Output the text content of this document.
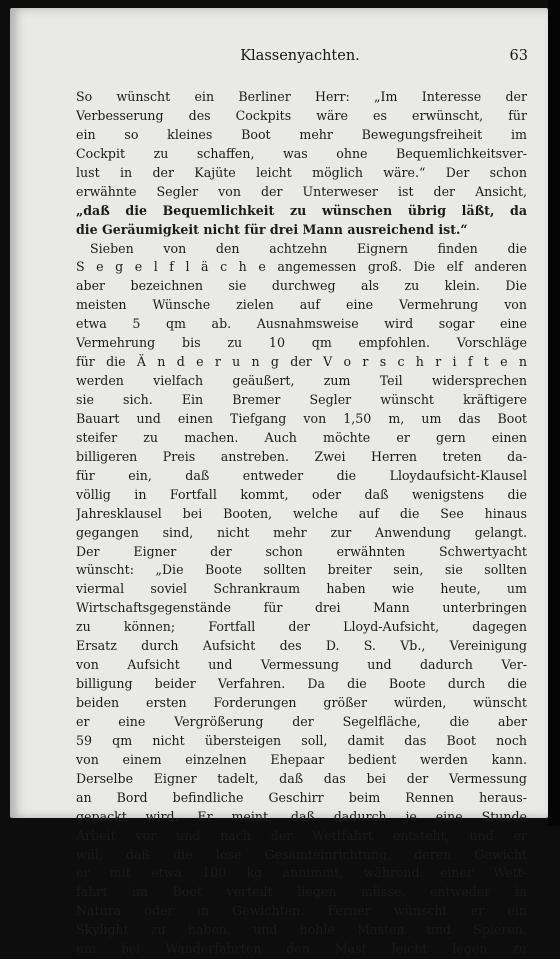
Klassenyachten.	63
So wünscht ein Berliner Herr: „Im Interesse der
Verbesserung des Cockpits wäre es erwünscht, für
ein so kleines Boot mehr Bewegungsfreiheit im
Cockpit zu schaffen, was ohne Bequemlichkeitsver-
lust in der Kajüte leicht möglich wäre.“ Der schon
erwähnte Segler von der Unterweser ist der Ansicht,
„daß die Bequemlichkeit zu wünschen übrig läßt, da
die Geräumigkeit nicht für drei Mann ausreichend ist.“
Sieben von den achtzehn Eignern finden die
S e g e l f l ä c h e angemessen groß. Die elf anderen
aber bezeichnen sie durchweg als zu klein. Die
meisten Wünsche zielen auf eine Vermehrung von
etwa 5 qm ab. Ausnahmsweise wird sogar eine
Vermehrung bis zu 10 qm empfohlen. Vorschläge
für die Ä n d e r u n g der V o r s c h r i f t e n
werden vielfach geäußert, zum Teil widersprechen
sie sich. Ein Bremer Segler wünscht kräftigere
Bauart und einen Tiefgang von 1,50 m, um das Boot
steifer zu machen. Auch möchte er gern einen
billigeren Preis anstreben. Zwei Herren treten da-
für ein, daß entweder die Lloydaufsicht-Klausel
völlig in Fortfall kommt, oder daß wenigstens die
Jahresklausel bei Booten, welche auf die See hinaus
gegangen sind, nicht mehr zur Anwendung gelangt.
Der Eigner der schon erwähnten Schwertyacht
wünscht: „Die Boote sollten breiter sein, sie sollten
viermal soviel Schrankraum haben wie heute, um
Wirtschaftsgegenstände für drei Mann unterbringen
zu können; Fortfall der Lloyd-Aufsicht, dagegen
Ersatz durch Aufsicht des D. S. Vb., Vereinigung
von Aufsicht und Vermessung und dadurch Ver-
billigung beider Verfahren. Da die Boote durch die
beiden ersten Forderungen größer würden, wünscht
er eine Vergrößerung der Segelfläche, die aber
59 qm nicht übersteigen soll, damit das Boot noch
von einem einzelnen Ehepaar bedient werden kann.
Derselbe Eigner tadelt, daß das bei der Vermessung
an Bord befindliche Geschirr beim Rennen heraus-
gepackt wird. Er meint, daß dadurch je eine Stunde
Arbeit vor und nach der Wettfahrt entsteht, und er
will, daß die lose Gesamteinrichtung, deren Gewicht
er mit etwa 100 kg annimmt, während einer Wett-
fahrt im Boot verteilt liegen müsse, entweder in
Natura oder in Gewichten. Ferner wünscht er ein
Skylight zu haben, und hohle Masten und Spieren,
um bei Wanderfahrten den Mast leicht legen zu
